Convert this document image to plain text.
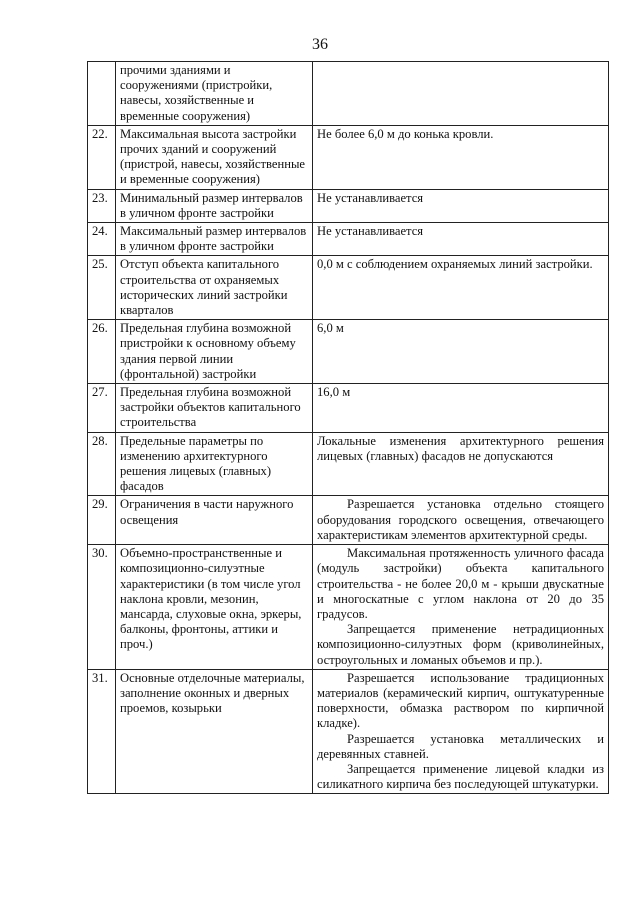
36
	прочими зданиями и сооружениями (пристройки, навесы, хозяйственные и временные сооружения)	

22.	Максимальная высота застройки прочих зданий и сооружений (пристрой, навесы, хозяйственные и временные сооружения)	Не более 6,0 м до конька кровли.

23.	Минимальный размер интервалов в уличном фронте застройки	Не устанавливается

24.	Максимальный размер интервалов в уличном фронте застройки	Не устанавливается

25.	Отступ объекта капитального строительства от охраняемых исторических линий застройки кварталов	0,0 м с соблюдением охраняемых линий застройки.

26.	Предельная глубина возможной пристройки к основному объему здания первой линии (фронтальной) застройки	6,0 м

27.	Предельная глубина возможной застройки объектов капитального строительства	16,0 м

28.	Предельные параметры по изменению архитектурного решения лицевых (главных) фасадов	Локальные изменения архитектурного решения лицевых (главных) фасадов не допускаются

29.	Ограничения в части наружного освещения	Разрешается установка отдельно стоящего оборудования городского освещения, отвечающего характеристикам элементов архитектурной среды.

30.	Объемно-пространственные и композиционно-силуэтные характеристики (в том числе угол наклона кровли, мезонин, мансарда, слуховые окна, эркеры, балконы, фронтоны, аттики и проч.)	Максимальная протяженность уличного фасада (модуль застройки) объекта капитального строительства - не более 20,0 м - крыши двускатные и многоскатные с углом наклона от 20 до 35 градусов.

Запрещается применение нетрадиционных композиционно-силуэтных форм (криволинейных, остроугольных и ломаных объемов и пр.).

31.	Основные отделочные материалы, заполнение оконных и дверных проемов, козырьки	Разрешается использование традиционных материалов (керамический кирпич, оштукатуренные поверхности, обмазка раствором по кирпичной кладке).

Разрешается установка металлических и деревянных ставней.

Запрещается применение лицевой кладки из силикатного кирпича без последующей штукатурки.
